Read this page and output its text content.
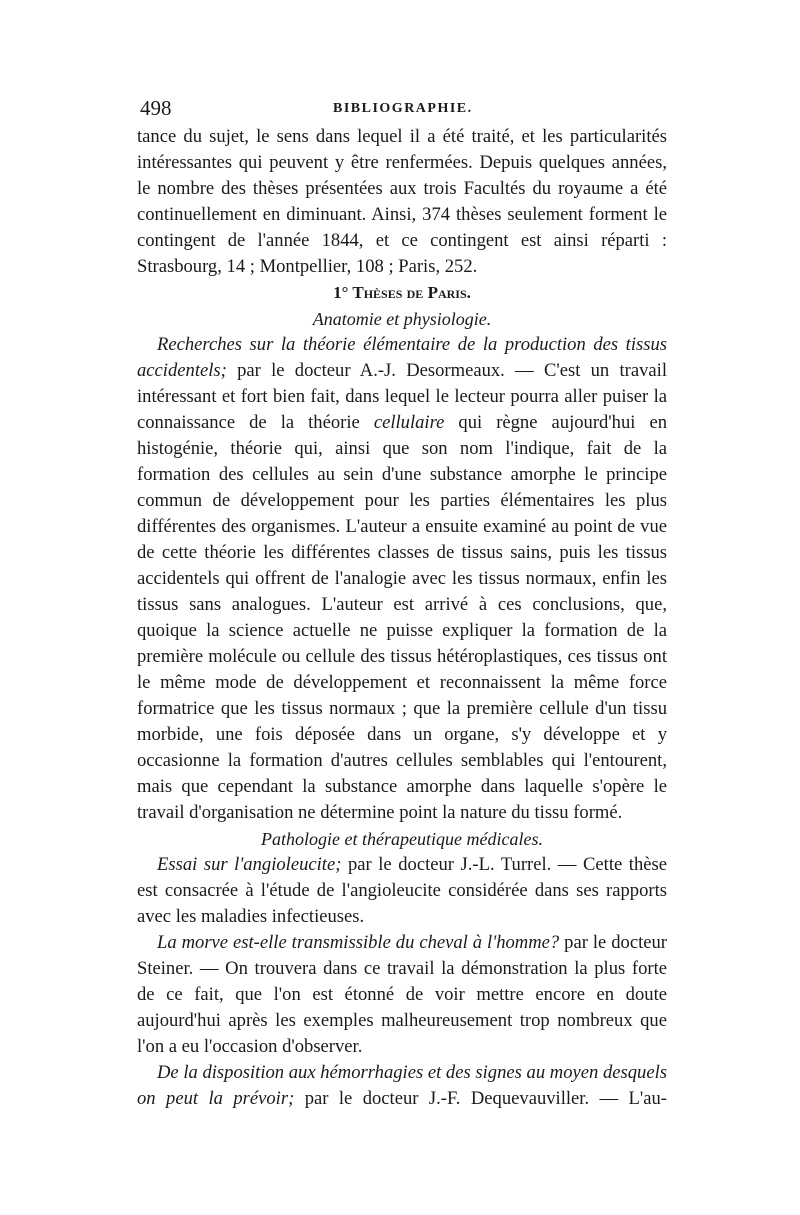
498	BIBLIOGRAPHIE.
tance du sujet, le sens dans lequel il a été traité, et les particularités intéressantes qui peuvent y être renfermées. Depuis quelques années, le nombre des thèses présentées aux trois Facultés du royaume a été continuellement en diminuant. Ainsi, 374 thèses seulement forment le contingent de l'année 1844, et ce contingent est ainsi réparti : Strasbourg, 14 ; Montpellier, 108 ; Paris, 252.
1° Thèses de Paris.
Anatomie et physiologie.
Recherches sur la théorie élémentaire de la production des tissus accidentels; par le docteur A.-J. Desormeaux. — C'est un travail intéressant et fort bien fait, dans lequel le lecteur pourra aller puiser la connaissance de la théorie cellulaire qui règne aujourd'hui en histogénie, théorie qui, ainsi que son nom l'indique, fait de la formation des cellules au sein d'une substance amorphe le principe commun de développement pour les parties élémentaires les plus différentes des organismes. L'auteur a ensuite examiné au point de vue de cette théorie les différentes classes de tissus sains, puis les tissus accidentels qui offrent de l'analogie avec les tissus normaux, enfin les tissus sans analogues. L'auteur est arrivé à ces conclusions, que, quoique la science actuelle ne puisse expliquer la formation de la première molécule ou cellule des tissus hétéroplastiques, ces tissus ont le même mode de développement et reconnaissent la même force formatrice que les tissus normaux ; que la première cellule d'un tissu morbide, une fois déposée dans un organe, s'y développe et y occasionne la formation d'autres cellules semblables qui l'entourent, mais que cependant la substance amorphe dans laquelle s'opère le travail d'organisation ne détermine point la nature du tissu formé.
Pathologie et thérapeutique médicales.
Essai sur l'angioleucite; par le docteur J.-L. Turrel. — Cette thèse est consacrée à l'étude de l'angioleucite considérée dans ses rapports avec les maladies infectieuses.
La morve est-elle transmissible du cheval à l'homme? par le docteur Steiner. — On trouvera dans ce travail la démonstration la plus forte de ce fait, que l'on est étonné de voir mettre encore en doute aujourd'hui après les exemples malheureusement trop nombreux que l'on a eu l'occasion d'observer.
De la disposition aux hémorrhagies et des signes au moyen desquels on peut la prévoir; par le docteur J.-F. Dequevauviller. — L'au-
